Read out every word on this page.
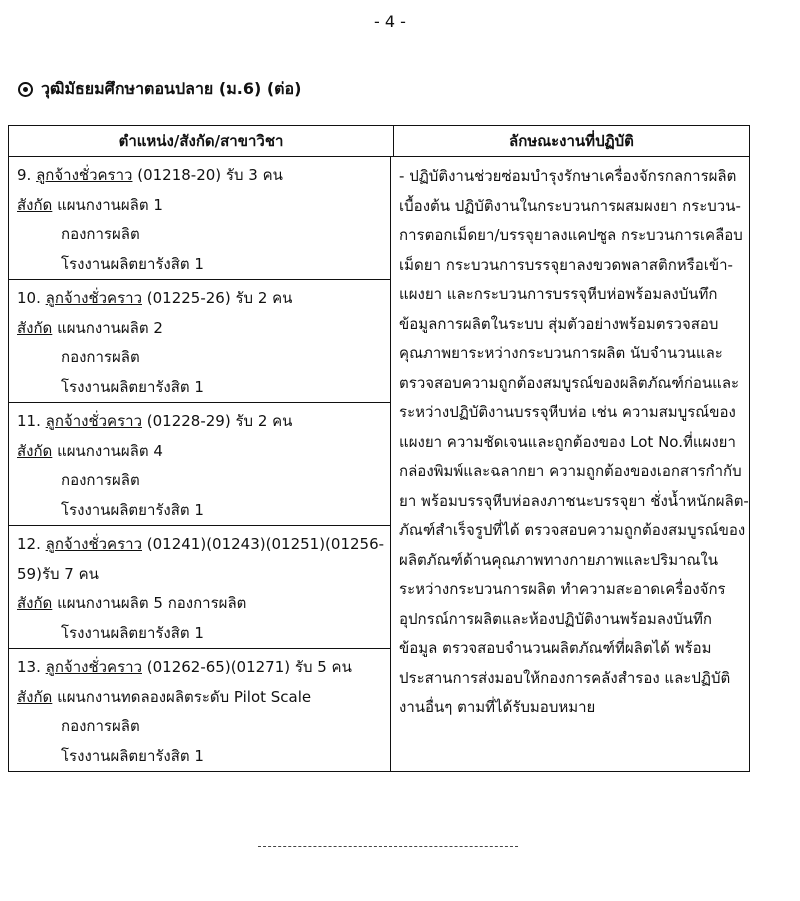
- 4 -
วุฒิมัธยมศึกษาตอนปลาย (ม.6) (ต่อ)
ตำแหน่ง/สังกัด/สาขาวิชา	ลักษณะงานที่ปฏิบัติ
9. ลูกจ้างชั่วคราว (01218-20) รับ 3 คน
สังกัด แผนกงานผลิต 1
กองการผลิต
โรงงานผลิตยารังสิต 1
10. ลูกจ้างชั่วคราว (01225-26) รับ 2 คน
สังกัด แผนกงานผลิต 2
กองการผลิต
โรงงานผลิตยารังสิต 1
11. ลูกจ้างชั่วคราว (01228-29) รับ 2 คน
สังกัด แผนกงานผลิต 4
กองการผลิต
โรงงานผลิตยารังสิต 1
12. ลูกจ้างชั่วคราว (01241)(01243)(01251)(01256-
59)รับ 7 คน
สังกัด แผนกงานผลิต 5 กองการผลิต
โรงงานผลิตยารังสิต 1
13. ลูกจ้างชั่วคราว (01262-65)(01271) รับ 5 คน
สังกัด แผนกงานทดลองผลิตระดับ Pilot Scale
กองการผลิต
โรงงานผลิตยารังสิต 1

- ปฏิบัติงานช่วยซ่อมบำรุงรักษาเครื่องจักรกลการผลิต
เบื้องต้น ปฏิบัติงานในกระบวนการผสมผงยา กระบวน-
การตอกเม็ดยา/บรรจุยาลงแคปซูล กระบวนการเคลือบ
เม็ดยา กระบวนการบรรจุยาลงขวดพลาสติกหรือเข้า-
แผงยา และกระบวนการบรรจุหีบห่อพร้อมลงบันทึก
ข้อมูลการผลิตในระบบ สุ่มตัวอย่างพร้อมตรวจสอบ
คุณภาพยาระหว่างกระบวนการผลิต นับจำนวนและ
ตรวจสอบความถูกต้องสมบูรณ์ของผลิตภัณฑ์ก่อนและ
ระหว่างปฏิบัติงานบรรจุหีบห่อ เช่น ความสมบูรณ์ของ
แผงยา ความชัดเจนและถูกต้องของ Lot No.ที่แผงยา
กล่องพิมพ์และฉลากยา ความถูกต้องของเอกสารกำกับ
ยา พร้อมบรรจุหีบห่อลงภาชนะบรรจุยา ชั่งน้ำหนักผลิต-
ภัณฑ์สำเร็จรูปที่ได้ ตรวจสอบความถูกต้องสมบูรณ์ของ
ผลิตภัณฑ์ด้านคุณภาพทางกายภาพและปริมาณใน
ระหว่างกระบวนการผลิต ทำความสะอาดเครื่องจักร
อุปกรณ์การผลิตและห้องปฏิบัติงานพร้อมลงบันทึก
ข้อมูล ตรวจสอบจำนวนผลิตภัณฑ์ที่ผลิตได้ พร้อม
ประสานการส่งมอบให้กองการคลังสำรอง และปฏิบัติ
งานอื่นๆ ตามที่ได้รับมอบหมาย
